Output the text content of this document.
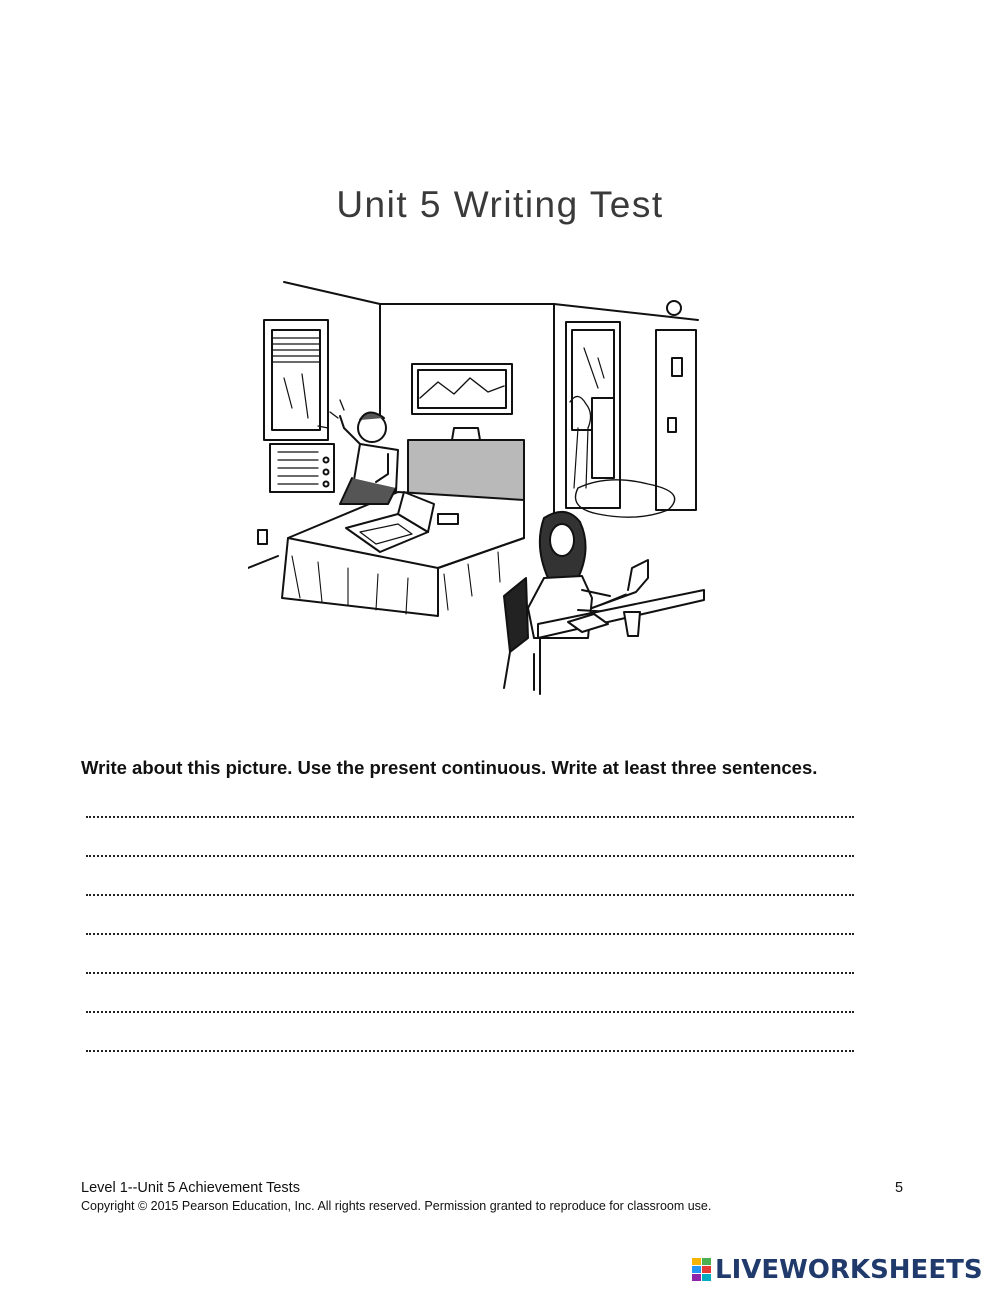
Unit 5 Writing Test
Write about this picture. Use the present continuous. Write at least three sentences.
Level 1--Unit 5 Achievement Tests	5
Copyright © 2015 Pearson Education, Inc. All rights reserved. Permission granted to reproduce for classroom use.
LIVEWORKSHEETS
